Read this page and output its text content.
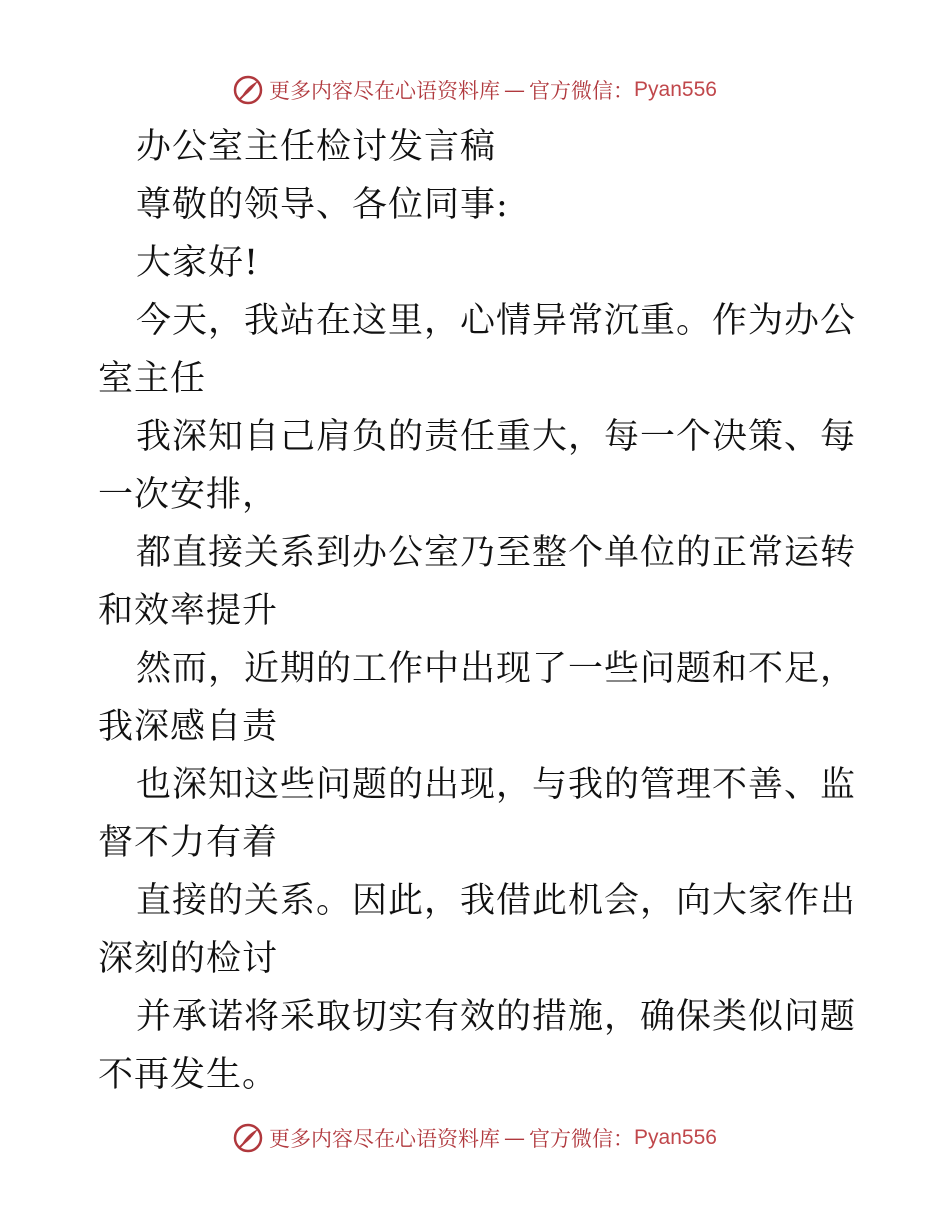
更多内容尽在心语资料库 — 官方微信： Pyan556

办公室主任检讨发言稿

尊敬的领导、各位同事:

大家好!

今天，我站在这里，心情异常沉重。作为办公室主任

我深知自己肩负的责任重大，每一个决策、每一次安排，

都直接关系到办公室乃至整个单位的正常运转和效率提升

然而，近期的工作中出现了一些问题和不足，我深感自责

也深知这些问题的出现，与我的管理不善、监督不力有着

直接的关系。因此，我借此机会，向大家作出深刻的检讨

并承诺将采取切实有效的措施，确保类似问题不再发生。

更多内容尽在心语资料库 — 官方微信： Pyan556
